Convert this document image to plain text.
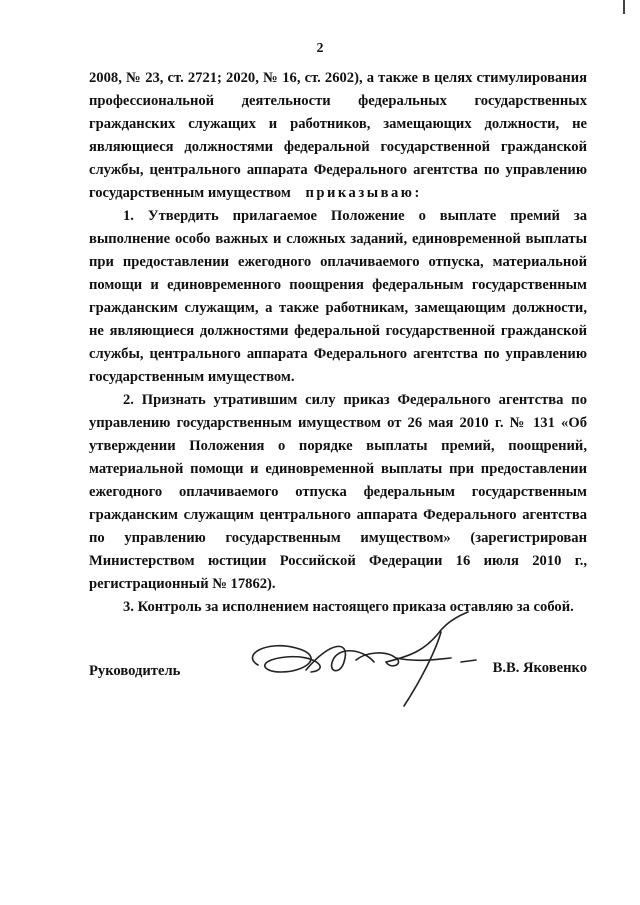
2

2008, № 23, ст. 2721; 2020, № 16, ст. 2602), а также в целях стимулирования профессиональной деятельности федеральных государственных гражданских служащих и работников, замещающих должности, не являющиеся должностями федеральной государственной гражданской службы, центрального аппарата Федерального агентства по управлению государственным имуществом приказываю:

1. Утвердить прилагаемое Положение о выплате премий за выполнение особо важных и сложных заданий, единовременной выплаты при предоставлении ежегодного оплачиваемого отпуска, материальной помощи и единовременного поощрения федеральным государственным гражданским служащим, а также работникам, замещающим должности, не являющиеся должностями федеральной государственной гражданской службы, центрального аппарата Федерального агентства по управлению государственным имуществом.

2. Признать утратившим силу приказ Федерального агентства по управлению государственным имуществом от 26 мая 2010 г. № 131 «Об утверждении Положения о порядке выплаты премий, поощрений, материальной помощи и единовременной выплаты при предоставлении ежегодного оплачиваемого отпуска федеральным государственным гражданским служащим центрального аппарата Федерального агентства по управлению государственным имуществом» (зарегистрирован Министерством юстиции Российской Федерации 16 июля 2010 г., регистрационный № 17862).

3. Контроль за исполнением настоящего приказа оставляю за собой.

Руководитель	В.В. Яковенко
